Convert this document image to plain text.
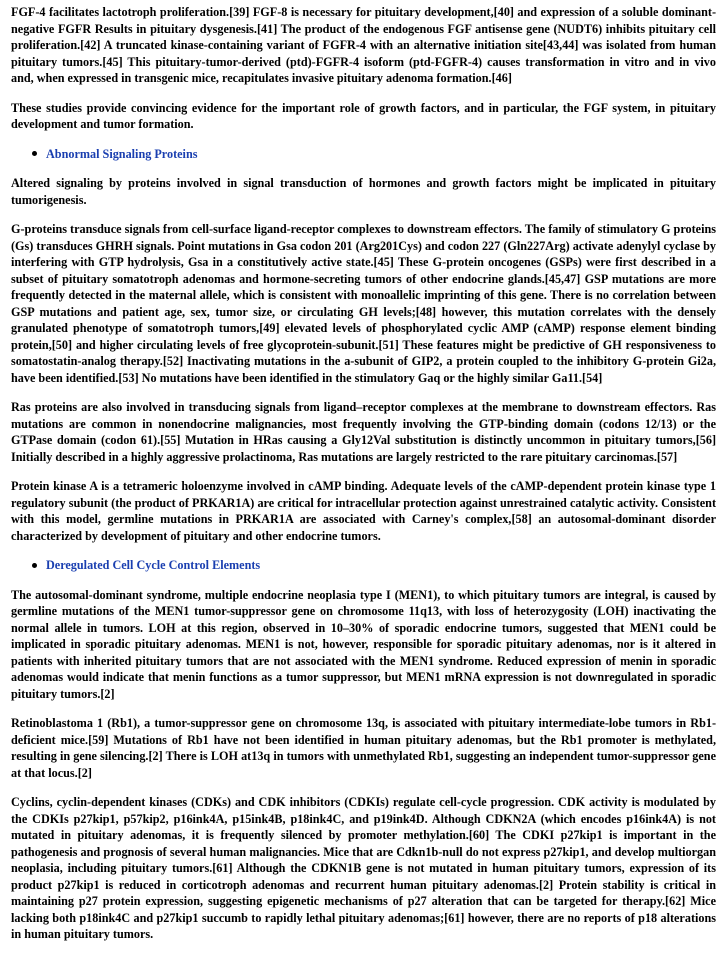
FGF-4 facilitates lactotroph proliferation.[39] FGF-8 is necessary for pituitary development,[40] and expression of a soluble dominant-negative FGFR Results in pituitary dysgenesis.[41] The product of the endogenous FGF antisense gene (NUDT6) inhibits pituitary cell proliferation.[42] A truncated kinase-containing variant of FGFR-4 with an alternative initiation site[43,44] was isolated from human pituitary tumors.[45] This pituitary-tumor-derived (ptd)-FGFR-4 isoform (ptd-FGFR-4) causes transformation in vitro and in vivo and, when expressed in transgenic mice, recapitulates invasive pituitary adenoma formation.[46]

These studies provide convincing evidence for the important role of growth factors, and in particular, the FGF system, in pituitary development and tumor formation.

Abnormal Signaling Proteins

Altered signaling by proteins involved in signal transduction of hormones and growth factors might be implicated in pituitary tumorigenesis.

G-proteins transduce signals from cell-surface ligand-receptor complexes to downstream effectors. The family of stimulatory G proteins (Gs) transduces GHRH signals. Point mutations in Gsa codon 201 (Arg201Cys) and codon 227 (Gln227Arg) activate adenylyl cyclase by interfering with GTP hydrolysis, Gsa in a constitutively active state.[45] These G-protein oncogenes (GSPs) were first described in a subset of pituitary somatotroph adenomas and hormone-secreting tumors of other endocrine glands.[45,47] GSP mutations are more frequently detected in the maternal allele, which is consistent with monoallelic imprinting of this gene. There is no correlation between GSP mutations and patient age, sex, tumor size, or circulating GH levels;[48] however, this mutation correlates with the densely granulated phenotype of somatotroph tumors,[49] elevated levels of phosphorylated cyclic AMP (cAMP) response element binding protein,[50] and higher circulating levels of free glycoprotein-subunit.[51] These features might be predictive of GH responsiveness to somatostatin-analog therapy.[52] Inactivating mutations in the a-subunit of GIP2, a protein coupled to the inhibitory G-protein Gi2a, have been identified.[53] No mutations have been identified in the stimulatory Gaq or the highly similar Ga11.[54]

Ras proteins are also involved in transducing signals from ligand–receptor complexes at the membrane to downstream effectors. Ras mutations are common in nonendocrine malignancies, most frequently involving the GTP-binding domain (codons 12/13) or the GTPase domain (codon 61).[55] Mutation in HRas causing a Gly12Val substitution is distinctly uncommon in pituitary tumors,[56] Initially described in a highly aggressive prolactinoma, Ras mutations are largely restricted to the rare pituitary carcinomas.[57]

Protein kinase A is a tetrameric holoenzyme involved in cAMP binding. Adequate levels of the cAMP-dependent protein kinase type 1 regulatory subunit (the product of PRKAR1A) are critical for intracellular protection against unrestrained catalytic activity. Consistent with this model, germline mutations in PRKAR1A are associated with Carney's complex,[58] an autosomal-dominant disorder characterized by development of pituitary and other endocrine tumors.

Deregulated Cell Cycle Control Elements

The autosomal-dominant syndrome, multiple endocrine neoplasia type I (MEN1), to which pituitary tumors are integral, is caused by germline mutations of the MEN1 tumor-suppressor gene on chromosome 11q13, with loss of heterozygosity (LOH) inactivating the normal allele in tumors. LOH at this region, observed in 10–30% of sporadic endocrine tumors, suggested that MEN1 could be implicated in sporadic pituitary adenomas. MEN1 is not, however, responsible for sporadic pituitary adenomas, nor is it altered in patients with inherited pituitary tumors that are not associated with the MEN1 syndrome. Reduced expression of menin in sporadic adenomas would indicate that menin functions as a tumor suppressor, but MEN1 mRNA expression is not downregulated in sporadic pituitary tumors.[2]

Retinoblastoma 1 (Rb1), a tumor-suppressor gene on chromosome 13q, is associated with pituitary intermediate-lobe tumors in Rb1-deficient mice.[59] Mutations of Rb1 have not been identified in human pituitary adenomas, but the Rb1 promoter is methylated, resulting in gene silencing.[2] There is LOH at13q in tumors with unmethylated Rb1, suggesting an independent tumor-suppressor gene at that locus.[2]

Cyclins, cyclin-dependent kinases (CDKs) and CDK inhibitors (CDKIs) regulate cell-cycle progression. CDK activity is modulated by the CDKIs p27kip1, p57kip2, p16ink4A, p15ink4B, p18ink4C, and p19ink4D. Although CDKN2A (which encodes p16ink4A) is not mutated in pituitary adenomas, it is frequently silenced by promoter methylation.[60] The CDKI p27kip1 is important in the pathogenesis and prognosis of several human malignancies. Mice that are Cdkn1b-null do not express p27kip1, and develop multiorgan neoplasia, including pituitary tumors.[61] Although the CDKN1B gene is not mutated in human pituitary tumors, expression of its product p27kip1 is reduced in corticotroph adenomas and recurrent human pituitary adenomas.[2] Protein stability is critical in maintaining p27 protein expression, suggesting epigenetic mechanisms of p27 alteration that can be targeted for therapy.[62] Mice lacking both p18ink4C and p27kip1 succumb to rapidly lethal pituitary adenomas;[61] however, there are no reports of p18 alterations in human pituitary tumors.
